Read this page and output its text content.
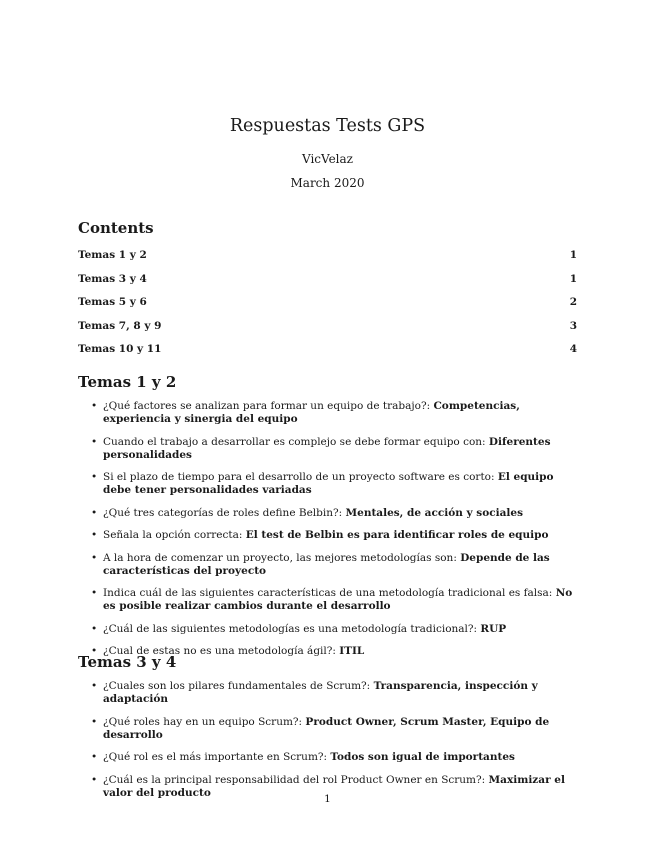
Respuestas Tests GPS
VicVelaz
March 2020
Contents
Temas 1 y 2	1
Temas 3 y 4	1
Temas 5 y 6	2
Temas 7, 8 y 9	3
Temas 10 y 11	4
Temas 1 y 2
• ¿Qué factores se analizan para formar un equipo de trabajo?: Competencias, experiencia y sinergia del equipo
• Cuando el trabajo a desarrollar es complejo se debe formar equipo con: Diferentes personalidades
• Si el plazo de tiempo para el desarrollo de un proyecto software es corto: El equipo debe tener personalidades variadas
• ¿Qué tres categorías de roles define Belbin?: Mentales, de acción y sociales
• Señala la opción correcta: El test de Belbin es para identificar roles de equipo
• A la hora de comenzar un proyecto, las mejores metodologías son: Depende de las características del proyecto
• Indica cuál de las siguientes características de una metodología tradicional es falsa: No es posible realizar cambios durante el desarrollo
• ¿Cuál de las siguientes metodologías es una metodología tradicional?: RUP
• ¿Cual de estas no es una metodología ágil?: ITIL
Temas 3 y 4
• ¿Cuales son los pilares fundamentales de Scrum?: Transparencia, inspección y adaptación
• ¿Qué roles hay en un equipo Scrum?: Product Owner, Scrum Master, Equipo de desarrollo
• ¿Qué rol es el más importante en Scrum?: Todos son igual de importantes
• ¿Cuál es la principal responsabilidad del rol Product Owner en Scrum?: Maximizar el valor del producto
1
